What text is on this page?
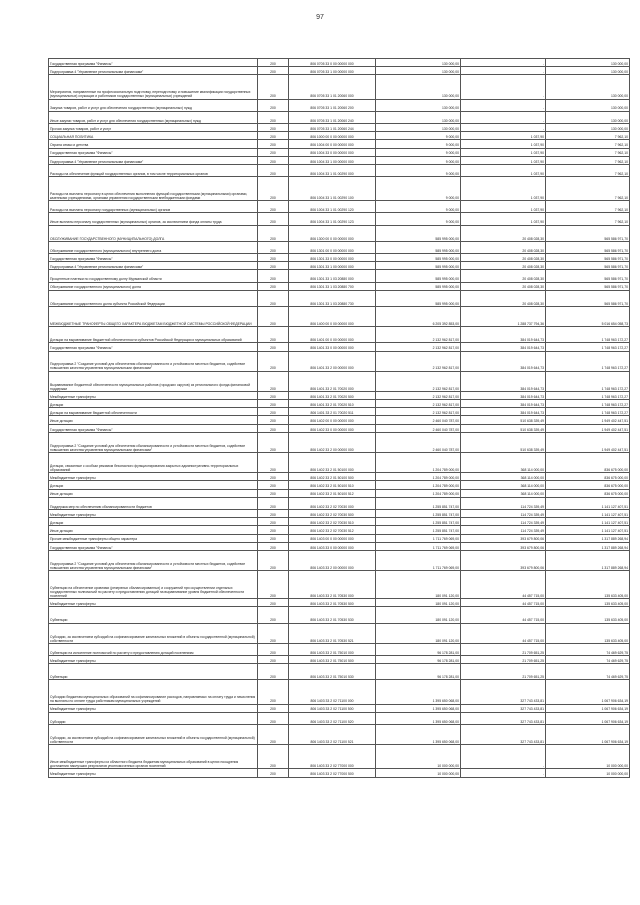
97
Государственная программа "Финансы"	200	806 0705 33 0 00 00000 000	130 000,00	-	130 000,00
Подпрограмма 4 "Управление региональными финансами"	200	806 0705 33 1 00 00000 000	130 000,00	-	130 000,00
Мероприятия, направленные на профессиональную подготовку, переподготовку и повышение квалификации государственных (муниципальных) служащих и работников государственных (муниципальных) учреждений	200	806 0705 33 1 01 20060 000	130 000,00	-	130 000,00
Закупка товаров, работ и услуг для обеспечения государственных (муниципальных) нужд	200	806 0705 33 1 01 20060 200	130 000,00	-	130 000,00
Иные закупки товаров, работ и услуг для обеспечения государственных (муниципальных) нужд	200	806 0705 33 1 01 20060 240	130 000,00	-	130 000,00
Прочая закупка товаров, работ и услуг	200	806 0705 33 1 01 20060 244	130 000,00	-	130 000,00
СОЦИАЛЬНАЯ ПОЛИТИКА	200	806 1000 00 0 00 00000 000	9 000,00	1 037,90	7 962,10
Охрана семьи и детства	200	806 1004 00 0 00 00000 000	9 000,00	1 037,90	7 962,10
Государственная программа "Финансы"	200	806 1004 33 0 00 00000 000	9 000,00	1 037,90	7 962,10
Подпрограмма 4 "Управление региональными финансами"	200	806 1004 33 1 00 00000 000	9 000,00	1 037,90	7 962,10
Расходы на обеспечение функций государственных органов, в том числе территориальных органов	200	806 1004 33 1 01 00290 000	9 000,00	1 037,90	7 962,10
Расходы на выплаты персоналу в целях обеспечения выполнения функций государственными (муниципальными) органами, казенными учреждениями, органами управления государственными внебюджетными фондами	200	806 1004 33 1 01 00290 100	9 000,00	1 037,90	7 962,10
Расходы на выплаты персоналу государственных (муниципальных) органов	200	806 1004 33 1 01 00290 120	9 000,00	1 037,90	7 962,10
Иные выплаты персоналу государственных (муниципальных) органов, за исключением фонда оплаты труда	200	806 1004 33 1 01 00290 123	9 000,00	1 037,90	7 962,10
ОБСЛУЖИВАНИЕ ГОСУДАРСТВЕННОГО (МУНИЦИПАЛЬНОГО) ДОЛГА	200	806 1300 00 0 00 00000 000	585 995 000,00	20 408 028,30	565 586 971,70
Обслуживание государственного (муниципального) внутреннего долга	200	806 1301 00 0 00 00000 000	585 995 000,00	20 408 028,30	565 586 971,70
Государственная программа "Финансы"	200	806 1301 33 0 00 00000 000	585 995 000,00	20 408 028,30	565 586 971,70
Подпрограмма 4 "Управление региональными финансами"	200	806 1301 33 1 00 00000 000	585 995 000,00	20 408 028,30	565 586 971,70
Процентные платежи по государственному долгу Мурманской области	200	806 1301 33 1 03 20880 000	585 995 000,00	20 408 028,30	565 586 971,70
Обслуживание государственного (муниципального) долга	200	806 1301 33 1 03 20880 700	585 995 000,00	20 408 028,30	565 586 971,70
Обслуживание государственного долга субъекта Российской Федерации	200	806 1301 33 1 03 20880 730	585 995 000,00	20 408 028,30	565 586 971,70
МЕЖБЮДЖЕТНЫЕ ТРАНСФЕРТЫ ОБЩЕГО ХАРАКТЕРА БЮДЖЕТАМ БЮДЖЕТНОЙ СИСТЕМЫ РОССИЙСКОЙ ФЕДЕРАЦИИ	200	806 1400 00 0 00 00000 000	6 205 392 853,00	1 288 737 794,36	5 016 654 058,73
Дотации на выравнивание бюджетной обеспеченности субъектов Российской Федерации и муниципальных образований	200	806 1401 00 0 00 00000 000	2 132 962 817,00	384 019 644,73	1 748 963 172,27
Государственная программа "Финансы"	200	806 1401 33 0 00 00000 000	2 132 962 817,00	384 019 644,73	1 748 963 172,27
Подпрограмма 2 "Создание условий для обеспечения сбалансированности и устойчивости местных бюджетов, содействие повышению качества управления муниципальными финансами"	200	806 1401 33 2 00 00000 000	2 132 962 817,00	384 019 644,73	1 748 963 172,27
Выравнивание бюджетной обеспеченности муниципальных районов (городских округов) из регионального фонда финансовой поддержки	200	806 1401 33 2 01 70020 000	2 132 962 817,00	384 019 644,73	1 748 963 172,27
Межбюджетные трансферты	200	806 1401 33 2 01 70020 500	2 132 962 817,00	384 019 644,73	1 748 963 172,27
Дотации	200	806 1401 33 2 01 70020 510	2 132 962 817,00	384 019 644,73	1 748 963 172,27
Дотации на выравнивание бюджетной обеспеченности	200	806 1401 33 2 01 70020 511	2 132 962 817,00	384 019 644,73	1 748 963 172,27
Иные дотации	200	806 1402 00 0 00 00000 000	2 460 040 787,00	510 638 339,49	1 949 402 447,51
Государственная программа "Финансы"	200	806 1402 33 0 00 00000 000	2 460 040 787,00	510 638 339,49	1 949 402 447,51
Подпрограмма 2 "Создание условий для обеспечения сбалансированности и устойчивости местных бюджетов, содействие повышению качества управления муниципальными финансами"	200	806 1402 33 2 00 00000 000	2 460 040 787,00	510 638 339,49	1 949 402 447,51
Дотации, связанные с особым режимом безопасного функционирования закрытых административно-территориальных образований	200	806 1402 33 2 01 50100 000	1 204 789 000,00	368 114 000,00	836 675 000,00
Межбюджетные трансферты	200	806 1402 33 2 01 50100 500	1 204 789 000,00	368 114 000,00	836 675 000,00
Дотации	200	806 1402 33 2 01 50100 510	1 204 789 000,00	368 114 000,00	836 675 000,00
Иные дотации	200	806 1402 33 2 01 50100 512	1 204 789 000,00	368 114 000,00	836 675 000,00
Поддержка мер по обеспечению сбалансированности бюджетов	200	806 1402 33 2 02 70030 000	1 255 851 747,00	114 724 339,49	1 141 127 407,51
Межбюджетные трансферты	200	806 1402 33 2 02 70030 500	1 255 851 747,00	114 724 339,49	1 141 127 407,51
Дотации	200	806 1402 33 2 02 70030 510	1 255 851 747,00	114 724 339,49	1 141 127 407,51
Иные дотации	200	806 1402 33 2 02 70030 512	1 255 851 747,00	114 724 339,49	1 141 127 407,51
Прочие межбюджетные трансферты общего характера	200	806 1403 00 0 00 00000 000	1 711 769 069,00	393 679 800,06	1 317 889 268,94
Государственная программа "Финансы"	200	806 1403 33 0 00 00000 000	1 711 769 069,00	393 679 800,06	1 317 889 268,94
Подпрограмма 2 "Создание условий для обеспечения сбалансированности и устойчивости местных бюджетов, содействие повышению качества управления муниципальными финансами"	200	806 1403 33 2 00 00000 000	1 711 769 069,00	393 679 800,06	1 317 889 268,94
Субвенции на обеспечение кровлями (резервных сбалансированных) и сооружений при осуществлении отдельных государственных полномочий по расчету и предоставлению дотаций на выравнивание уровня бюджетной обеспеченности поселений	200	806 1403 33 2 01 70530 000	180 091 120,00	44 457 715,00	135 633 405,00
Межбюджетные трансферты	200	806 1403 33 2 01 70530 500	180 091 120,00	44 457 715,00	135 633 405,00
Субвенции	200	806 1403 33 2 01 70530 530	180 091 120,00	44 457 715,00	135 633 405,00
Субсидии, за исключением субсидий на софинансирование капитальных вложений в объекты государственной (муниципальной) собственности	200	806 1403 33 2 01 70530 521	180 091 120,00	44 457 715,00	135 633 405,00
Субвенции на исполнение полномочий по расчету и предоставлению дотаций поселениям	200	806 1403 33 2 01 75010 000	96 178 281,00	21 709 651,25	74 469 629,75
Межбюджетные трансферты	200	806 1403 33 2 01 75010 500	96 178 281,00	21 709 651,25	74 469 629,75
Субвенции	200	806 1403 33 2 01 75010 530	96 178 281,00	21 709 651,25	74 469 629,75
Субсидии бюджетам муниципальных образований на софинансирование расходов, направляемых на оплату труда и начисления на выплаты по оплате труда работникам муниципальных учреждений	200	806 1403 33 2 02 71100 000	1 395 650 068,00	327 743 433,81	1 067 906 634,19
Межбюджетные трансферты	200	806 1403 33 2 02 71100 500	1 395 650 068,00	327 743 433,81	1 067 906 634,19
Субсидии	200	806 1403 33 2 02 71100 520	1 395 650 068,00	327 743 433,81	1 067 906 634,19
Субсидии, за исключением субсидий на софинансирование капитальных вложений в объекты государственной (муниципальной) собственности	200	806 1403 33 2 02 71100 521	1 395 650 068,00	327 743 433,81	1 067 906 634,19
Иные межбюджетные трансферты из областного бюджета бюджетам муниципальных образований в целях поощрения достижения наилучших результатов уполномоченных органов поселений	200	806 1403 33 2 02 77000 000	10 000 000,00	-	10 000 000,00
Межбюджетные трансферты	200	806 1403 33 2 02 77000 500	10 000 000,00	-	10 000 000,00
